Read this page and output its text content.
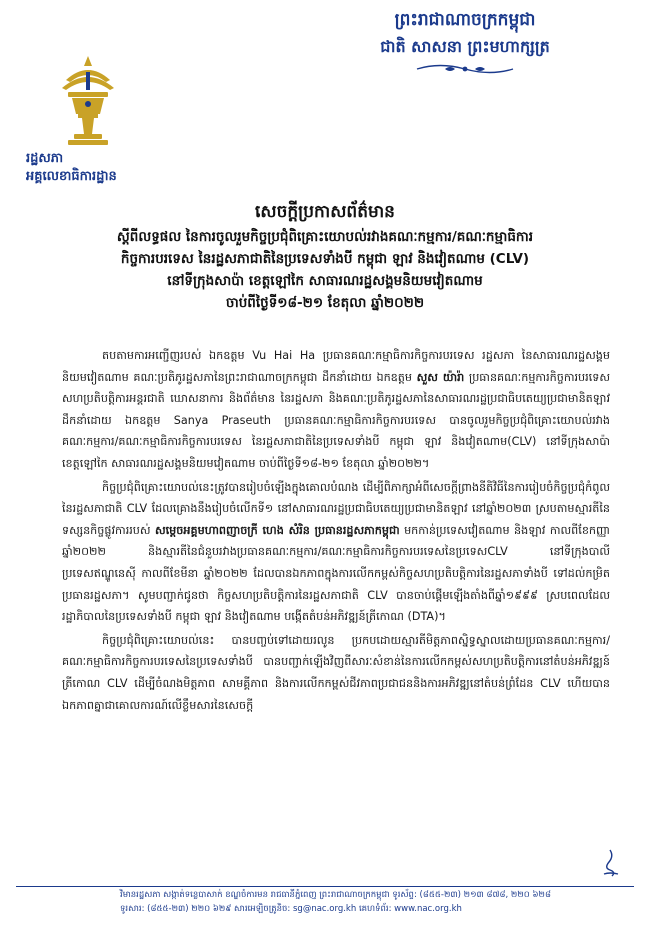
ព្រះរាជាណាចក្រកម្ពុជា
ជាតិ សាសនា ព្រះមហាក្សត្រ
រដ្ឋសភា
អគ្គលេខាធិការដ្ឋាន
សេចក្តីប្រកាសព័ត៌មាន
ស្តីពីលទ្ធផល នៃការចូលរួមកិច្ចប្រជុំពិគ្រោះយោបល់រវាងគណៈកម្មការ/គណៈកម្មាធិការ
កិច្ចការបរទេស នៃរដ្ឋសភាជាតិនៃប្រទេសទាំងបី កម្ពុជា ឡាវ និងវៀតណាម (CLV)
នៅទីក្រុងសាប៉ា ខេត្តឡៅកៃ សាធារណរដ្ឋសង្គមនិយមវៀតណាម
ចាប់ពីថ្ងៃទី១៨-២១ ខែតុលា ឆ្នាំ២០២២

តបតាមការអញ្ជើញរបស់ ឯកឧត្តម Vu Hai Ha ប្រធានគណៈកម្មាធិការកិច្ចការបរទេស រដ្ឋសភា នៃសាធារណរដ្ឋសង្គមនិយមវៀតណាម គណៈប្រតិភូរដ្ឋសភានៃព្រះរាជាណាចក្រកម្ពុជា ដឹកនាំដោយ ឯកឧត្តម សួស យ៉ារ៉ា ប្រធានគណៈកម្មការកិច្ចការបរទេស សហប្រតិបត្តិការអន្តរជាតិ ឃោសនាការ និងព័ត៌មាន នៃរដ្ឋសភា និងគណៈប្រតិភូរដ្ឋសភានៃសាធារណរដ្ឋប្រជាធិបតេយ្យប្រជាមានិតឡាវ ដឹកនាំដោយ ឯកឧត្តម Sanya Praseuth ប្រធានគណៈកម្មាធិការកិច្ចការបរទេស បានចូលរួមកិច្ចប្រជុំពិគ្រោះយោបល់រវាងគណៈកម្មការ/គណៈកម្មាធិការកិច្ចការបរទេស នៃរដ្ឋសភាជាតិនៃប្រទេសទាំងបី កម្ពុជា ឡាវ និងវៀតណាម(CLV) នៅទីក្រុងសាប៉ា ខេត្តឡៅកៃ សាធារណរដ្ឋសង្គមនិយមវៀតណាម ចាប់ពីថ្ងៃទី១៨-២១ ខែតុលា ឆ្នាំ២០២២។

កិច្ចប្រជុំពិគ្រោះយោបល់នេះត្រូវបានរៀបចំឡើងក្នុងគោលបំណង ដើម្បីពិភាក្សាអំពីសេចក្តីព្រាងនីតិវិធីនៃការរៀបចំកិច្ចប្រជុំកំពូលនៃរដ្ឋសភាជាតិ CLV ដែលគ្រោងនឹងរៀបចំលើកទី១ នៅសាធារណរដ្ឋប្រជាធិបតេយ្យប្រជាមានិតឡាវ នៅឆ្នាំ២០២៣ ស្របតាមស្មារតីនៃទស្សនកិច្ចផ្លូវការរបស់ សម្តេចអគ្គមហាពញាចក្រី ហេង សំរិន ប្រធានរដ្ឋសភាកម្ពុជា មកកាន់ប្រទេសវៀតណាម និងឡាវ កាលពីខែកញ្ញា ឆ្នាំ២០២២ និងស្មារតីនៃជំនួបរវាងប្រធានគណៈកម្មការ/គណៈកម្មាធិការកិច្ចការបរទេសនៃប្រទេសCLV នៅទីក្រុងបាលី ប្រទេសឥណ្ឌូនេស៊ី កាលពីខែមីនា ឆ្នាំ២០២២ ដែលបានឯកភាពក្នុងការលើកកម្ពស់កិច្ចសហប្រតិបត្តិការនៃរដ្ឋសភាទាំងបី ទៅដល់កម្រិតប្រធានរដ្ឋសភា។ សូមបញ្ជាក់ជូនថា កិច្ចសហប្រតិបត្តិការនៃរដ្ឋសភាជាតិ CLV បានចាប់ផ្តើមឡើងតាំងពីឆ្នាំ១៩៩៩ ស្របពេលដែលរដ្ឋាភិបាលនៃប្រទេសទាំងបី កម្ពុជា ឡាវ និងវៀតណាម បង្កើតតំបន់អភិវឌ្ឍន៍ត្រីកោណ (DTA)។

កិច្ចប្រជុំពិគ្រោះយោបល់នេះ បានបញ្ចប់ទៅដោយរលូន ប្រកបដោយស្មារតីមិត្តភាពស្និទ្ធស្នាលដោយប្រធានគណៈកម្មការ/គណៈកម្មាធិការកិច្ចការបរទេសនៃប្រទេសទាំងបី បានបញ្ជាក់ឡើងវិញពីសារៈសំខាន់នៃការលើកកម្ពស់សហប្រតិបត្តិការនៅតំបន់អភិវឌ្ឍន៍ត្រីកោណ CLV ដើម្បីចំណងមិត្តភាព សាមគ្គីភាព និងការលើកកម្ពស់ជីវភាពប្រជាជននិងការអភិវឌ្ឍនៅតំបន់ព្រំដែន CLV ហើយបានឯកភាពគ្នាជាគោលការណ៍លើខ្លឹមសារនៃសេចក្តី

វិមានរដ្ឋសភា សង្កាត់ទន្លេបាសាក់ ខណ្ឌចំការមន រាជធានីភ្នំពេញ ព្រះរាជាណាចក្រកម្ពុជា ទូរស័ព្ទ: (៨៥៥-២៣) ២១៣ ៨៧៨, ២២០ ៦២៨
ទូរសារ: (៨៥៥-២៣) ២២០ ៦២៩ សារអេឡិចត្រូនិច: sg@nac.org.kh គេហទំព័រ: www.nac.org.kh
